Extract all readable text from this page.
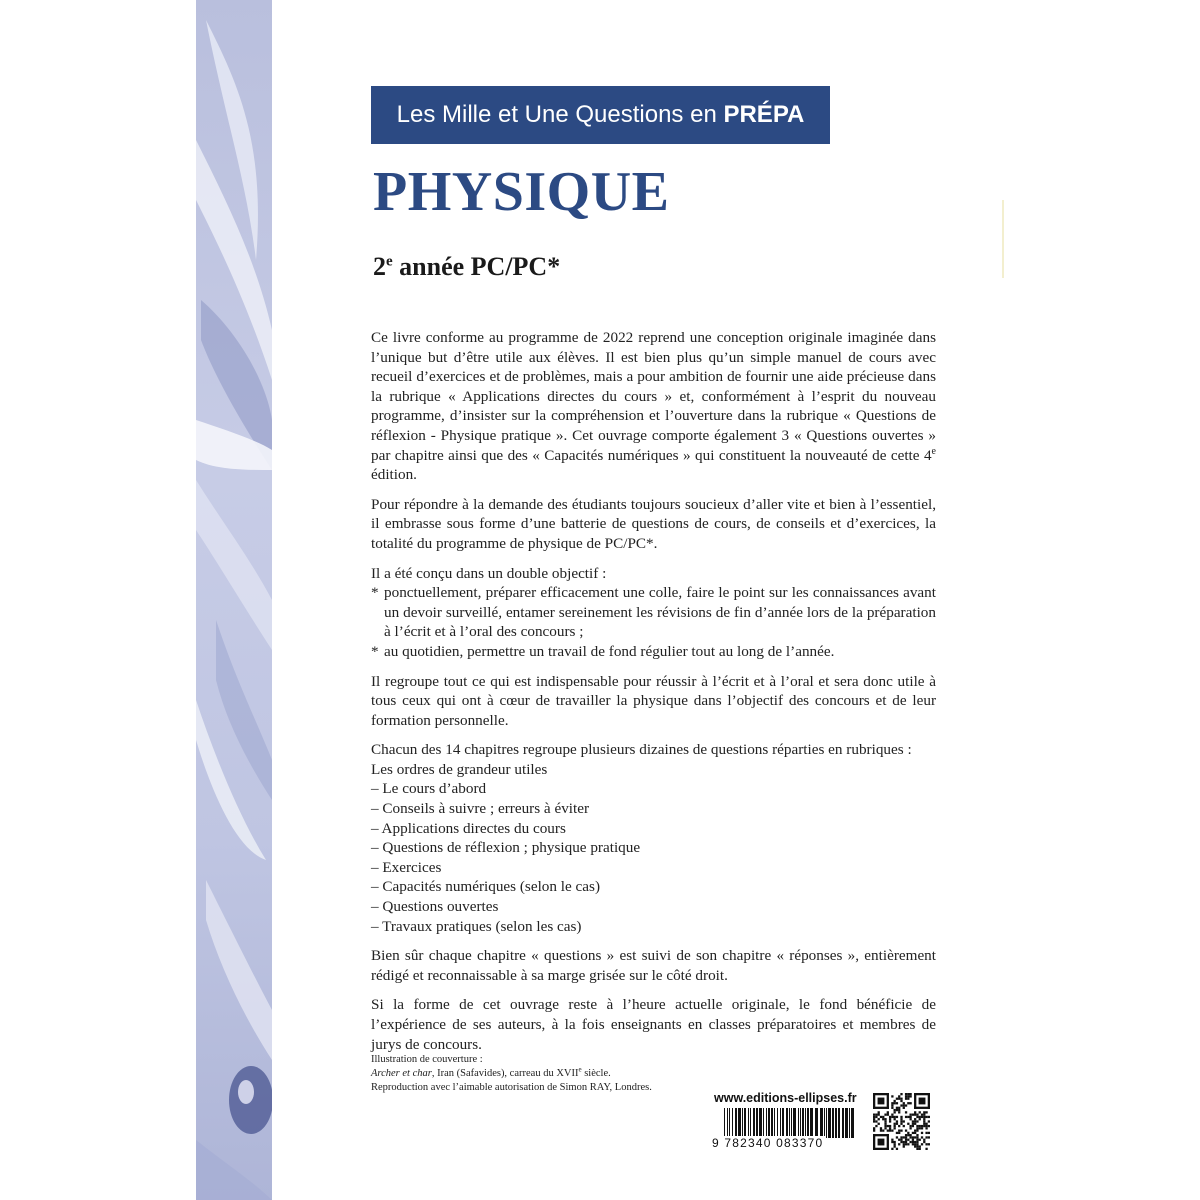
Les Mille et Une Questions en PRÉPA
PHYSIQUE
2e année PC/PC*

Ce livre conforme au programme de 2022 reprend une conception originale imaginée dans l’unique but d’être utile aux élèves. Il est bien plus qu’un simple manuel de cours avec recueil d’exercices et de problèmes, mais a pour ambition de fournir une aide précieuse dans la rubrique « Applications directes du cours » et, conformément à l’esprit du nouveau programme, d’insister sur la compréhension et l’ouverture dans la rubrique « Questions de réflexion - Physique pratique ». Cet ouvrage comporte également 3 « Questions ouvertes » par chapitre ainsi que des « Capacités numériques » qui constituent la nouveauté de cette 4e édition.

Pour répondre à la demande des étudiants toujours soucieux d’aller vite et bien à l’essentiel, il embrasse sous forme d’une batterie de questions de cours, de conseils et d’exercices, la totalité du programme de physique de PC/PC*.

Il a été conçu dans un double objectif :

* ponctuellement, préparer efficacement une colle, faire le point sur les connaissances avant un devoir surveillé, entamer sereinement les révisions de fin d’année lors de la préparation à l’écrit et à l’oral des concours ;
* au quotidien, permettre un travail de fond régulier tout au long de l’année.

Il regroupe tout ce qui est indispensable pour réussir à l’écrit et à l’oral et sera donc utile à tous ceux qui ont à cœur de travailler la physique dans l’objectif des concours et de leur formation personnelle.

Chacun des 14 chapitres regroupe plusieurs dizaines de questions réparties en rubriques :

Les ordres de grandeur utiles
– Le cours d’abord
– Conseils à suivre ; erreurs à éviter
– Applications directes du cours
– Questions de réflexion ; physique pratique
– Exercices
– Capacités numériques (selon le cas)
– Questions ouvertes
– Travaux pratiques (selon les cas)

Bien sûr chaque chapitre « questions » est suivi de son chapitre « réponses », entièrement rédigé et reconnaissable à sa marge grisée sur le côté droit.

Si la forme de cet ouvrage reste à l’heure actuelle originale, le fond bénéficie de l’expérience de ses auteurs, à la fois enseignants en classes préparatoires et membres de jurys de concours.

Illustration de couverture :
Archer et char, Iran (Safavides), carreau du XVIIe siècle.
Reproduction avec l’aimable autorisation de Simon RAY, Londres.
www.editions-ellipses.fr
9 782340 083370
